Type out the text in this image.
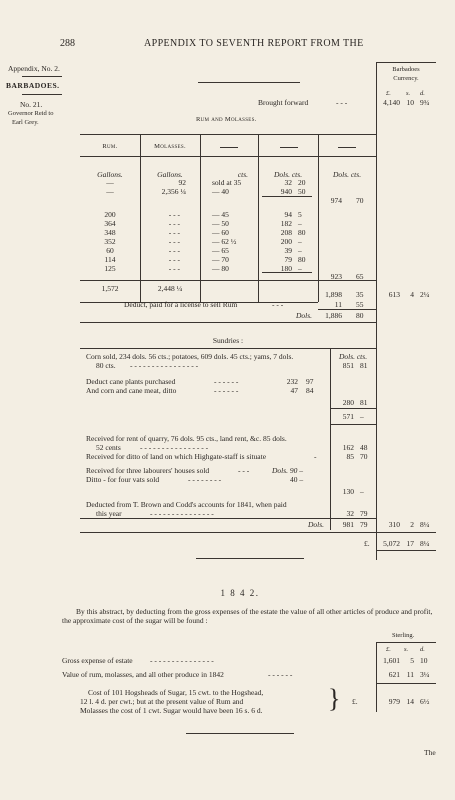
288	APPENDIX TO SEVENTH REPORT FROM THE
Appendix, No. 2.
BARBADOES.
No. 21.
Governor Reid to
Earl Grey.
Barbadoes
Currency.
£. s. d.
Brought forward	- - -	4,140 10 9¾
Rum and Molasses.
Rum.	Molasses.
Gallons.	Gallons.	cts.	Dols. cts.	Dols. cts.
—	92	sold at 35	32 20
—	2,356 ¼	— 40	940 50
974 70
200	- - -	— 45	94 5
364	- - -	— 50	182 –
348	- - -	— 60	208 80
352	- - -	— 62 ½	200 –
60	- - -	— 65	39 –
114	- - -	— 70	79 80
125	- - -	— 80	180 –
923 65
1,572	2,448 ¼
1,898 35	613	4 2¼
Deduct, paid for a license to sell Rum	- - -	11 55
Dols.	1,886 80
Sundries :
Dols. cts.
Corn sold, 234 dols. 56 cts.; potatoes, 609 dols. 45 cts.; yams, 7 dols.
80 cts. - - - - - - - - - - - - - - - -	851 81
Deduct cane plants purchased	- - - - - -	232 97
And corn and cane meat, ditto	- - - - - -	47 84
280 81
571 –
Received for rent of quarry, 76 dols. 95 cts., land rent, &c. 85 dols.
52 cents	- - - - - - - - - - - - - - - -	162 48
Received for ditto of land on which Highgate-staff is situate	-	85 70
Received for three labourers' houses sold	- - -	Dols. 90 –
Ditto - for four vats sold	- - - - - - - -	40 –
130 –
Deducted from T. Brown and Codd's accounts for 1841, when paid
this year	- - - - - - - - - - - - - - -	32 79
Dols.	981 79	310	2 8¼
£.	5,072 17 8¼
1 8 4 2.
By this abstract, by deducting from the gross expenses of the estate the value of all other articles of produce and profit, the approximate cost of the sugar will be found :
Sterling.
£. s. d.
Gross expense of estate - - - - - - - - - - - - - - -	1,601	5 10
Value of rum, molasses, and all other produce in 1842	- - - - - -	621 11 3¼
Cost of 101 Hogsheads of Sugar, 15 cwt. to the Hogshead,
12 l. 4 d. per cwt.; but at the present value of Rum and
Molasses the cost of 1 cwt. Sugar would have been 16 s. 6 d.	} £.	979 14 6½
The
